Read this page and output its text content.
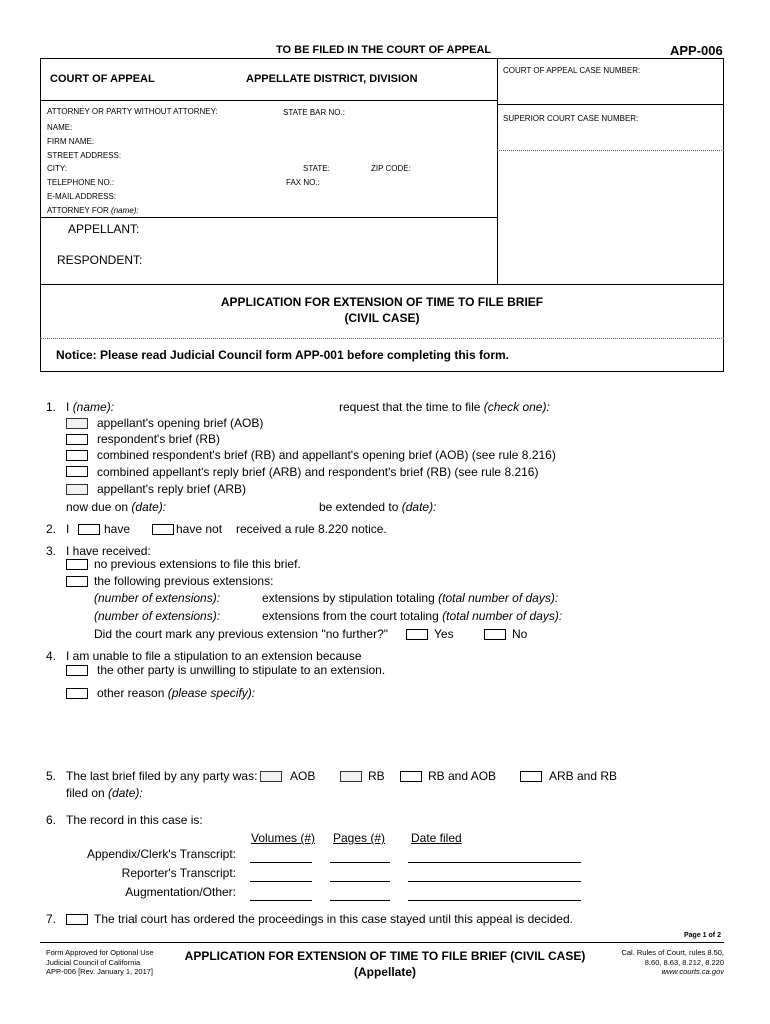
TO BE FILED IN THE COURT OF APPEAL	APP-006
COURT OF APPEAL	APPELLATE DISTRICT, DIVISION
COURT OF APPEAL CASE NUMBER:
SUPERIOR COURT CASE NUMBER:
ATTORNEY OR PARTY WITHOUT ATTORNEY:	STATE BAR NO.:
NAME:
FIRM NAME:
STREET ADDRESS:
CITY:	STATE:	ZIP CODE:
TELEPHONE NO.:	FAX NO.:
E-MAIL ADDRESS:
ATTORNEY FOR (name):
APPELLANT:
RESPONDENT:
APPLICATION FOR EXTENSION OF TIME TO FILE BRIEF
(CIVIL CASE)
Notice: Please read Judicial Council form APP-001 before completing this form.
1. I (name):	request that the time to file (check one):
appellant's opening brief (AOB)
respondent's brief (RB)
combined respondent's brief (RB) and appellant's opening brief (AOB) (see rule 8.216)
combined appellant's reply brief (ARB) and respondent's brief (RB) (see rule 8.216)
appellant's reply brief (ARB)
now due on (date):	be extended to (date):
2. I	have	have not received a rule 8.220 notice.
3. I have received:
no previous extensions to file this brief.
the following previous extensions:
(number of extensions):	extensions by stipulation totaling (total number of days):
(number of extensions):	extensions from the court totaling (total number of days):
Did the court mark any previous extension "no further?"	Yes	No
4. I am unable to file a stipulation to an extension because
the other party is unwilling to stipulate to an extension.
other reason (please specify):
5. The last brief filed by any party was:	AOB	RB	RB and AOB	ARB and RB
filed on (date):
6. The record in this case is:
Volumes (#) Pages (#) Date filed
Appendix/Clerk's Transcript:
Reporter's Transcript:
Augmentation/Other:
7.	The trial court has ordered the proceedings in this case stayed until this appeal is decided.
Page 1 of 2
Form Approved for Optional Use
Judicial Council of California
APP-006 [Rev. January 1, 2017]
APPLICATION FOR EXTENSION OF TIME TO FILE BRIEF (CIVIL CASE)
(Appellate)
Cal. Rules of Court, rules 8.50,
8.60, 8.63, 8.212, 8.220
www.courts.ca.gov
